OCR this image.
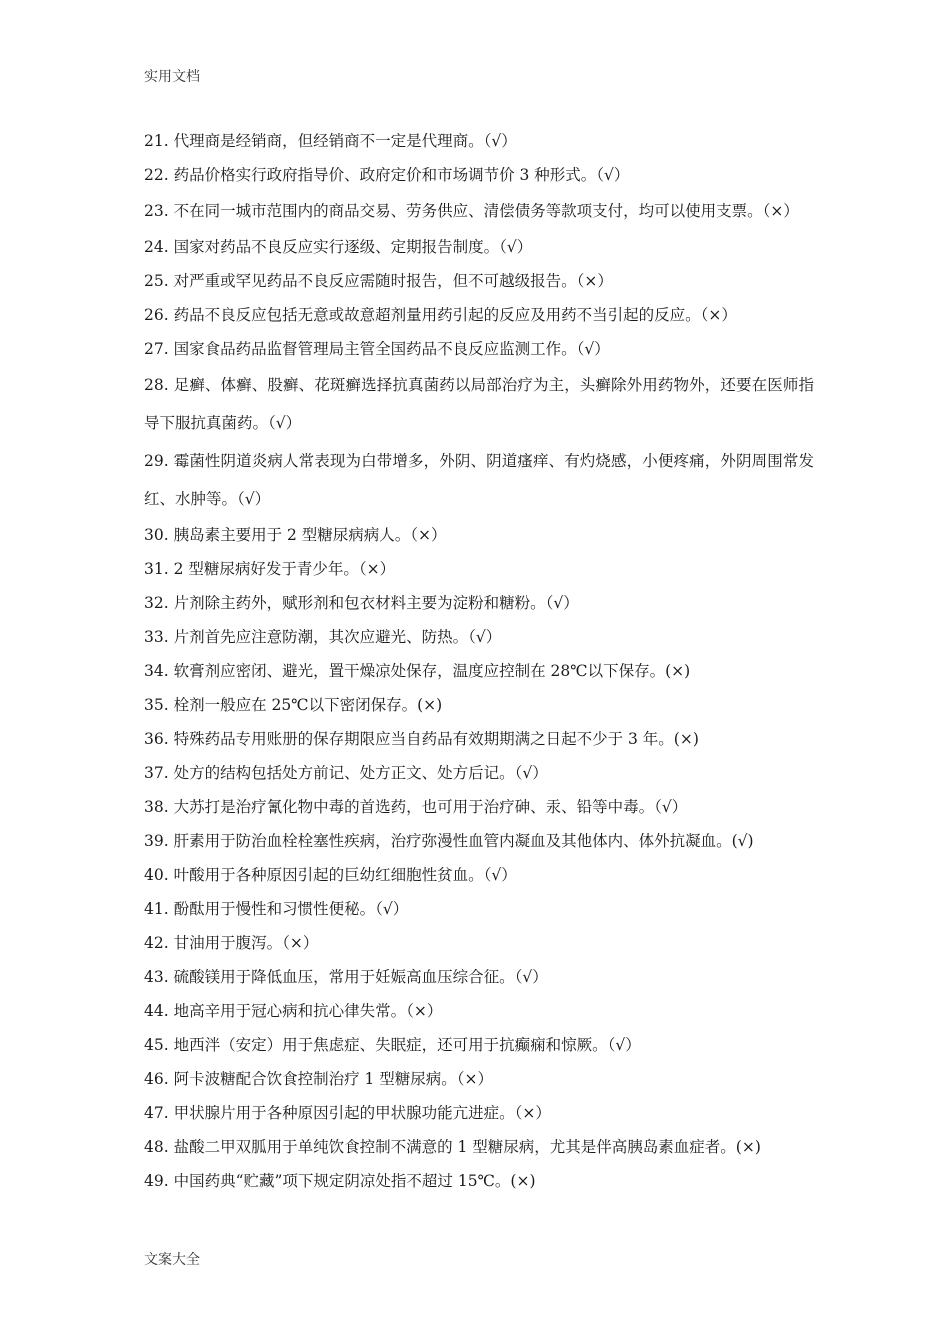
实用文档
21. 代理商是经销商，但经销商不一定是代理商。（√）
22. 药品价格实行政府指导价、政府定价和市场调节价 3 种形式。（√）
23. 不在同一城市范围内的商品交易、劳务供应、清偿债务等款项支付，均可以使用支票。（×）
24. 国家对药品不良反应实行逐级、定期报告制度。（√）
25. 对严重或罕见药品不良反应需随时报告，但不可越级报告。（×）
26. 药品不良反应包括无意或故意超剂量用药引起的反应及用药不当引起的反应。（×）
27. 国家食品药品监督管理局主管全国药品不良反应监测工作。（√）
28. 足癣、体癣、股癣、花斑癣选择抗真菌药以局部治疗为主，头癣除外用药物外，还要在医师指导下服抗真菌药。（√）
29. 霉菌性阴道炎病人常表现为白带增多，外阴、阴道瘙痒、有灼烧感，小便疼痛，外阴周围常发红、水肿等。（√）
30. 胰岛素主要用于 2 型糖尿病病人。（×）
31. 2 型糖尿病好发于青少年。（×）
32. 片剂除主药外，赋形剂和包衣材料主要为淀粉和糖粉。（√）
33. 片剂首先应注意防潮，其次应避光、防热。（√）
34. 软膏剂应密闭、避光，置干燥凉处保存，温度应控制在 28℃以下保存。(×)
35. 栓剂一般应在 25℃以下密闭保存。(×)
36. 特殊药品专用账册的保存期限应当自药品有效期期满之日起不少于 3 年。(×)
37. 处方的结构包括处方前记、处方正文、处方后记。（√）
38. 大苏打是治疗氰化物中毒的首选药，也可用于治疗砷、汞、铅等中毒。（√）
39. 肝素用于防治血栓栓塞性疾病，治疗弥漫性血管内凝血及其他体内、体外抗凝血。(√)
40. 叶酸用于各种原因引起的巨幼红细胞性贫血。（√）
41. 酚酞用于慢性和习惯性便秘。（√）
42. 甘油用于腹泻。（×）
43. 硫酸镁用于降低血压，常用于妊娠高血压综合征。（√）
44. 地高辛用于冠心病和抗心律失常。（×）
45. 地西泮（安定）用于焦虑症、失眠症，还可用于抗癫痫和惊厥。（√）
46. 阿卡波糖配合饮食控制治疗 1 型糖尿病。（×）
47. 甲状腺片用于各种原因引起的甲状腺功能亢进症。（×）
48. 盐酸二甲双胍用于单纯饮食控制不满意的 1 型糖尿病，尤其是伴高胰岛素血症者。(×)
49. 中国药典“贮藏”项下规定阴凉处指不超过 15℃。(×)
文案大全
